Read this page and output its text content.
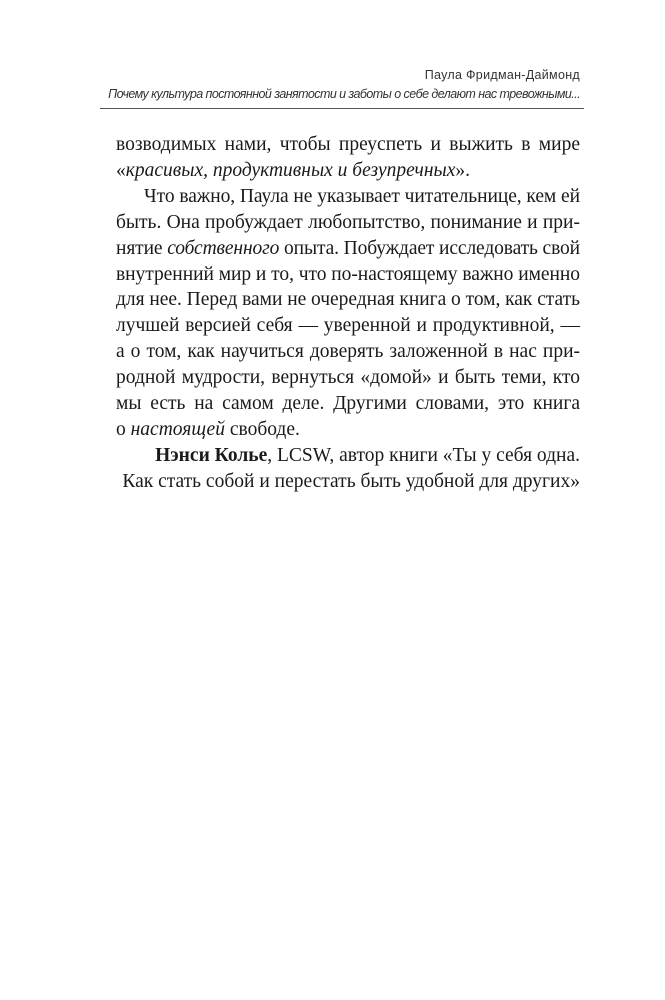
Паула Фридман-Даймонд
Почему культура постоянной занятости и заботы о себе делают нас тревожными...

возводимых нами, чтобы преуспеть и выжить в мире
«красивых, продуктивных и безупречных».

Что важно, Паула не указывает читательнице, кем ей
быть. Она пробуждает любопытство, понимание и при-
нятие собственного опыта. Побуждает исследовать свой
внутренний мир и то, что по-настоящему важно именно
для нее. Перед вами не очередная книга о том, как стать
лучшей версией себя — уверенной и продуктивной, —
а о том, как научиться доверять заложенной в нас при-
родной мудрости, вернуться «домой» и быть теми, кто
мы есть на самом деле. Другими словами, это книга
о настоящей свободе.

Нэнси Колье, LCSW, автор книги «Ты у себя одна.
Как стать собой и перестать быть удобной для других»
